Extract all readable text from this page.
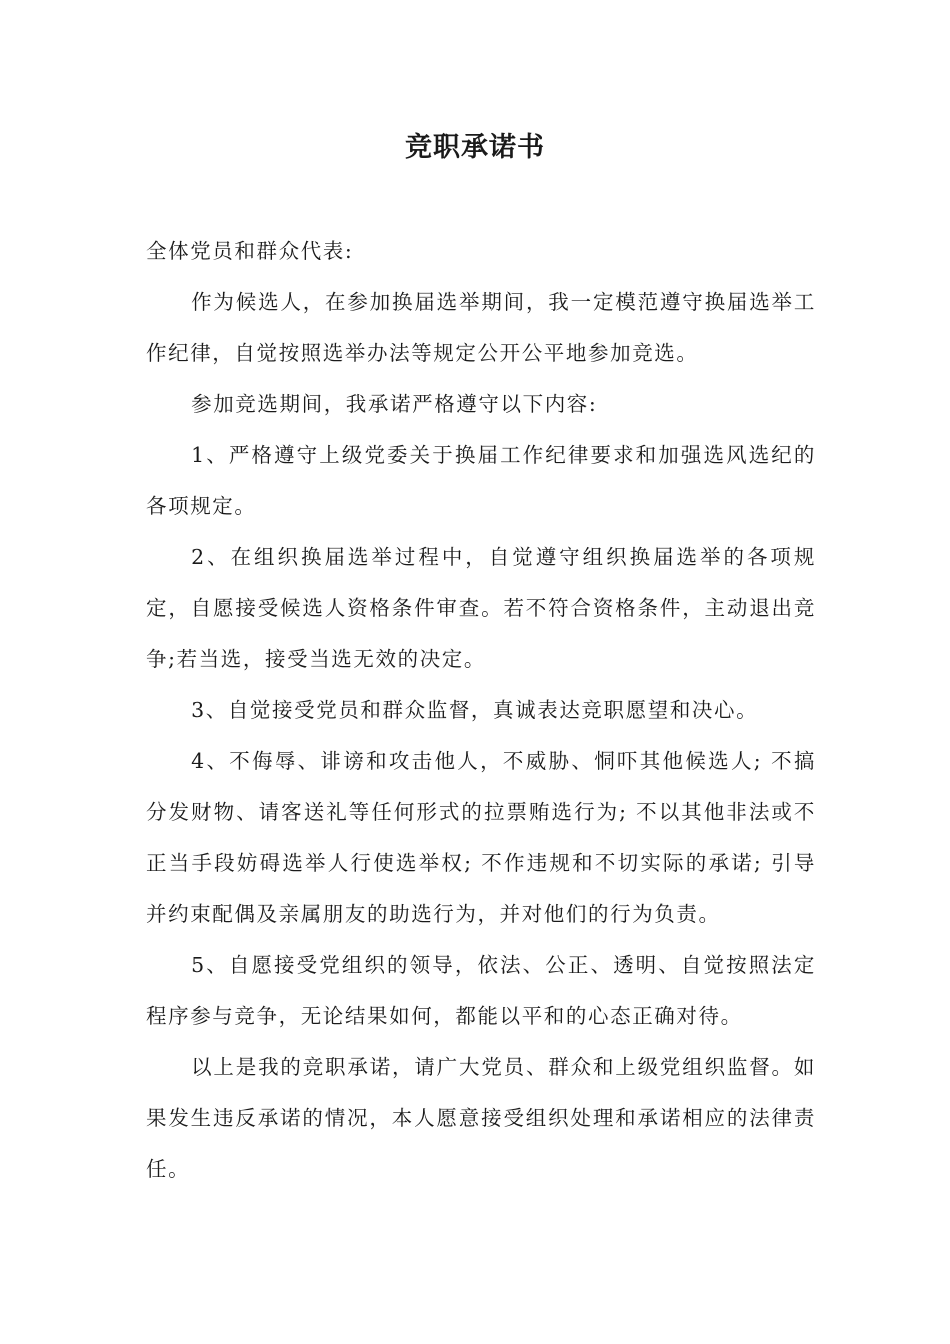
竞职承诺书

全体党员和群众代表:

作为候选人，在参加换届选举期间，我一定模范遵守换届选举工作纪律，自觉按照选举办法等规定公开公平地参加竞选。

参加竞选期间，我承诺严格遵守以下内容:

1、严格遵守上级党委关于换届工作纪律要求和加强选风选纪的各项规定。

2、在组织换届选举过程中，自觉遵守组织换届选举的各项规定，自愿接受候选人资格条件审查。若不符合资格条件，主动退出竞争;若当选，接受当选无效的决定。

3、自觉接受党员和群众监督，真诚表达竞职愿望和决心。

4、不侮辱、诽谤和攻击他人，不威胁、恫吓其他候选人; 不搞分发财物、请客送礼等任何形式的拉票贿选行为; 不以其他非法或不正当手段妨碍选举人行使选举权; 不作违规和不切实际的承诺; 引导并约束配偶及亲属朋友的助选行为，并对他们的行为负责。

5、自愿接受党组织的领导，依法、公正、透明、自觉按照法定程序参与竞争，无论结果如何，都能以平和的心态正确对待。

以上是我的竞职承诺，请广大党员、群众和上级党组织监督。如果发生违反承诺的情况，本人愿意接受组织处理和承诺相应的法律责任。
